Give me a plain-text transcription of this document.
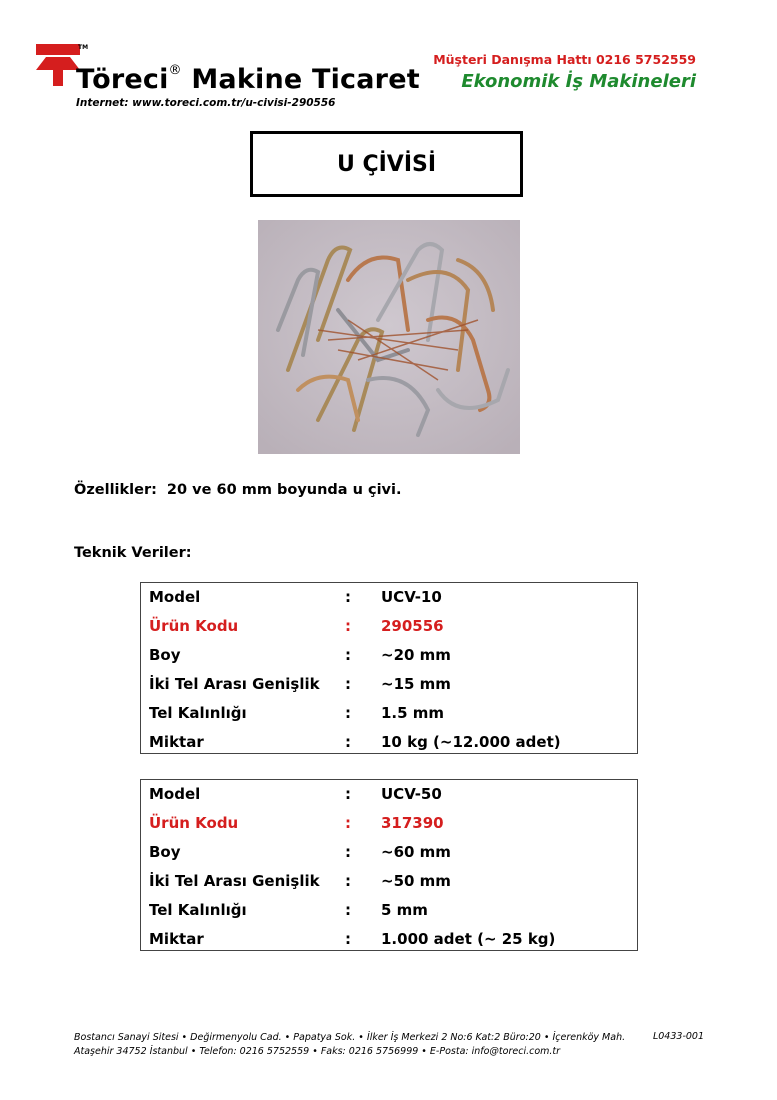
TM
Töreci® Makine Ticaret
Internet: www.toreci.com.tr/u-civisi-290556
Müşteri Danışma Hattı 0216 5752559
Ekonomik İş Makineleri
U ÇİVİSİ
Özellikler: 20 ve 60 mm boyunda u çivi.
Teknik Veriler:
Model	: UCV-10
Ürün Kodu	: 290556
Boy	: ~20 mm
İki Tel Arası Genişlik : ~15 mm
Tel Kalınlığı	: 1.5 mm
Miktar	: 10 kg (~12.000 adet)
Model	: UCV-50
Ürün Kodu	: 317390
Boy	: ~60 mm
İki Tel Arası Genişlik : ~50 mm
Tel Kalınlığı	: 5 mm
Miktar	: 1.000 adet (~ 25 kg)
Bostancı Sanayi Sitesi • Değirmenyolu Cad. • Papatya Sok. • İlker İş Merkezi 2 No:6 Kat:2 Büro:20 • İçerenköy Mah.
Ataşehir 34752 İstanbul • Telefon: 0216 5752559 • Faks: 0216 5756999 • E-Posta: info@toreci.com.tr
L0433-001
